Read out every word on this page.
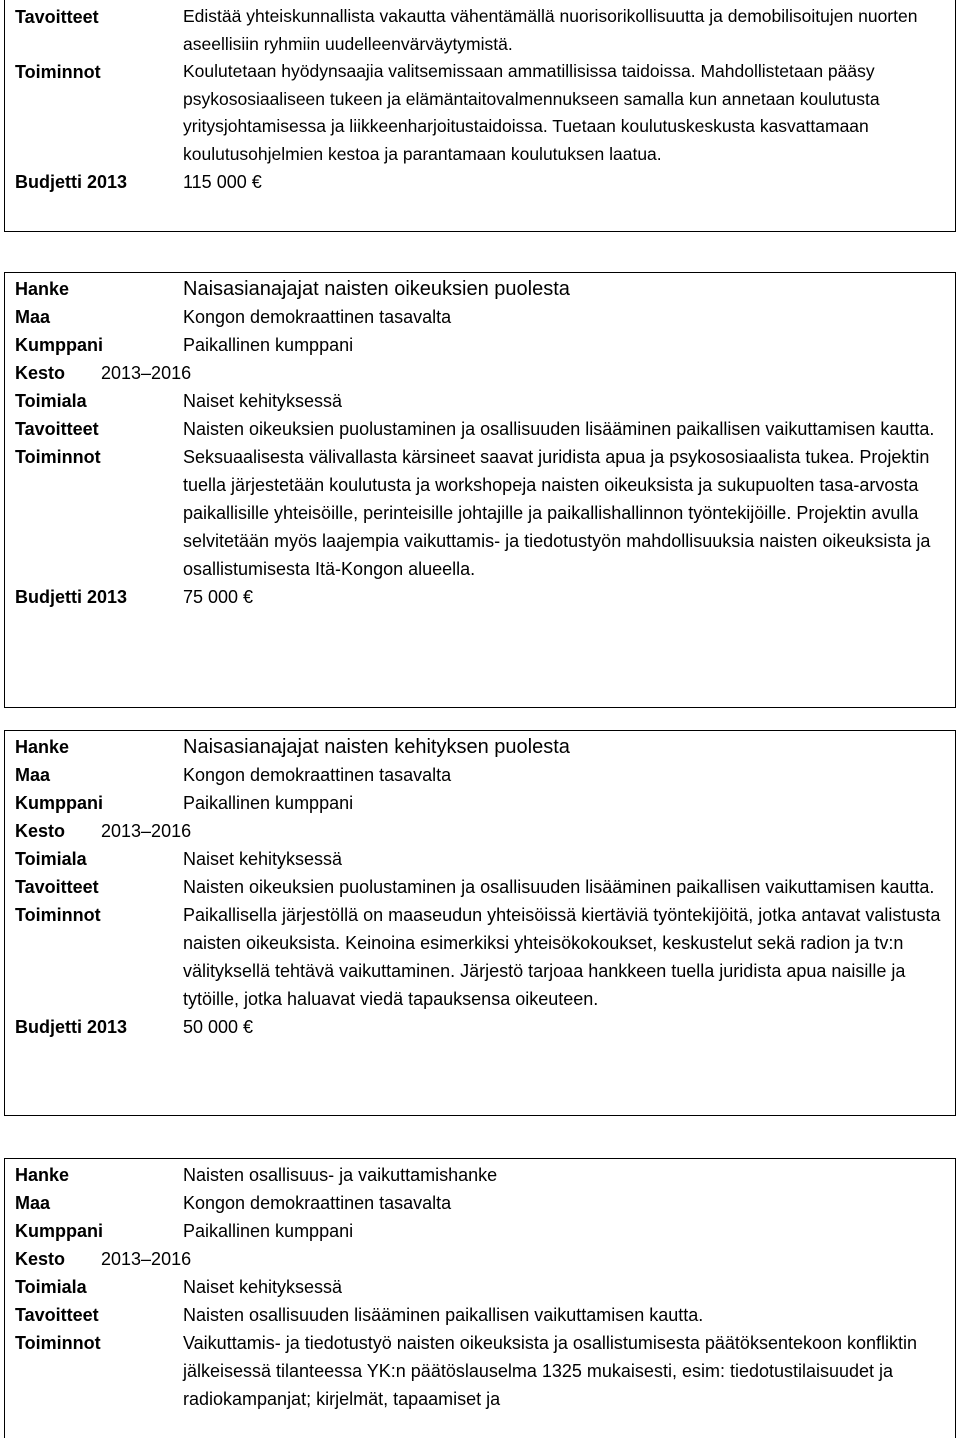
Tavoitteet	Edistää yhteiskunnallista vakautta vähentämällä nuorisorikollisuutta ja demobilisoitujen nuorten aseellisiin ryhmiin uudelleenvärväytymistä.
Toiminnot	Koulutetaan hyödynsaajia valitsemissaan ammatillisissa taidoissa. Mahdollistetaan pääsy psykososiaaliseen tukeen ja elämäntaitovalmennukseen samalla kun annetaan koulutusta yritysjohtamisessa ja liikkeenharjoitustaidoissa. Tuetaan koulutuskeskusta kasvattamaan koulutusohjelmien kestoa ja parantamaan koulutuksen laatua.
Budjetti 2013	115 000 €
Hanke	Naisasianajajat naisten oikeuksien puolesta
Maa	Kongon demokraattinen tasavalta
Kumppani	Paikallinen kumppani
Kesto	2013–2016
Toimiala	Naiset kehityksessä
Tavoitteet	Naisten oikeuksien puolustaminen ja osallisuuden lisääminen paikallisen vaikuttamisen kautta.
Toiminnot	Seksuaalisesta välivallasta kärsineet saavat juridista apua ja psykososiaalista tukea. Projektin tuella järjestetään koulutusta ja workshopeja naisten oikeuksista ja sukupuolten tasa-arvosta paikallisille yhteisöille, perinteisille johtajille ja paikallishallinnon työntekijöille. Projektin avulla selvitetään myös laajempia vaikuttamis- ja tiedotustyön mahdollisuuksia naisten oikeuksista ja osallistumisesta Itä-Kongon alueella.
Budjetti 2013	75 000 €
Hanke	Naisasianajajat naisten kehityksen puolesta
Maa	Kongon demokraattinen tasavalta
Kumppani	Paikallinen kumppani
Kesto	2013–2016
Toimiala	Naiset kehityksessä
Tavoitteet	Naisten oikeuksien puolustaminen ja osallisuuden lisääminen paikallisen vaikuttamisen kautta.
Toiminnot	Paikallisella järjestöllä on maaseudun yhteisöissä kiertäviä työntekijöitä, jotka antavat valistusta naisten oikeuksista. Keinoina esimerkiksi yhteisökokoukset, keskustelut sekä radion ja tv:n välityksellä tehtävä vaikuttaminen. Järjestö tarjoaa hankkeen tuella juridista apua naisille ja tytöille, jotka haluavat viedä tapauksensa oikeuteen.
Budjetti 2013	50 000 €
Hanke	Naisten osallisuus- ja vaikuttamishanke
Maa	Kongon demokraattinen tasavalta
Kumppani	Paikallinen kumppani
Kesto	2013–2016
Toimiala	Naiset kehityksessä
Tavoitteet	Naisten osallisuuden lisääminen paikallisen vaikuttamisen kautta.
Toiminnot	Vaikuttamis- ja tiedotustyö naisten oikeuksista ja osallistumisesta päätöksentekoon konfliktin jälkeisessä tilanteessa YK:n päätöslauselma 1325 mukaisesti, esim: tiedotustilaisuudet ja radiokampanjat; kirjelmät, tapaamiset ja
